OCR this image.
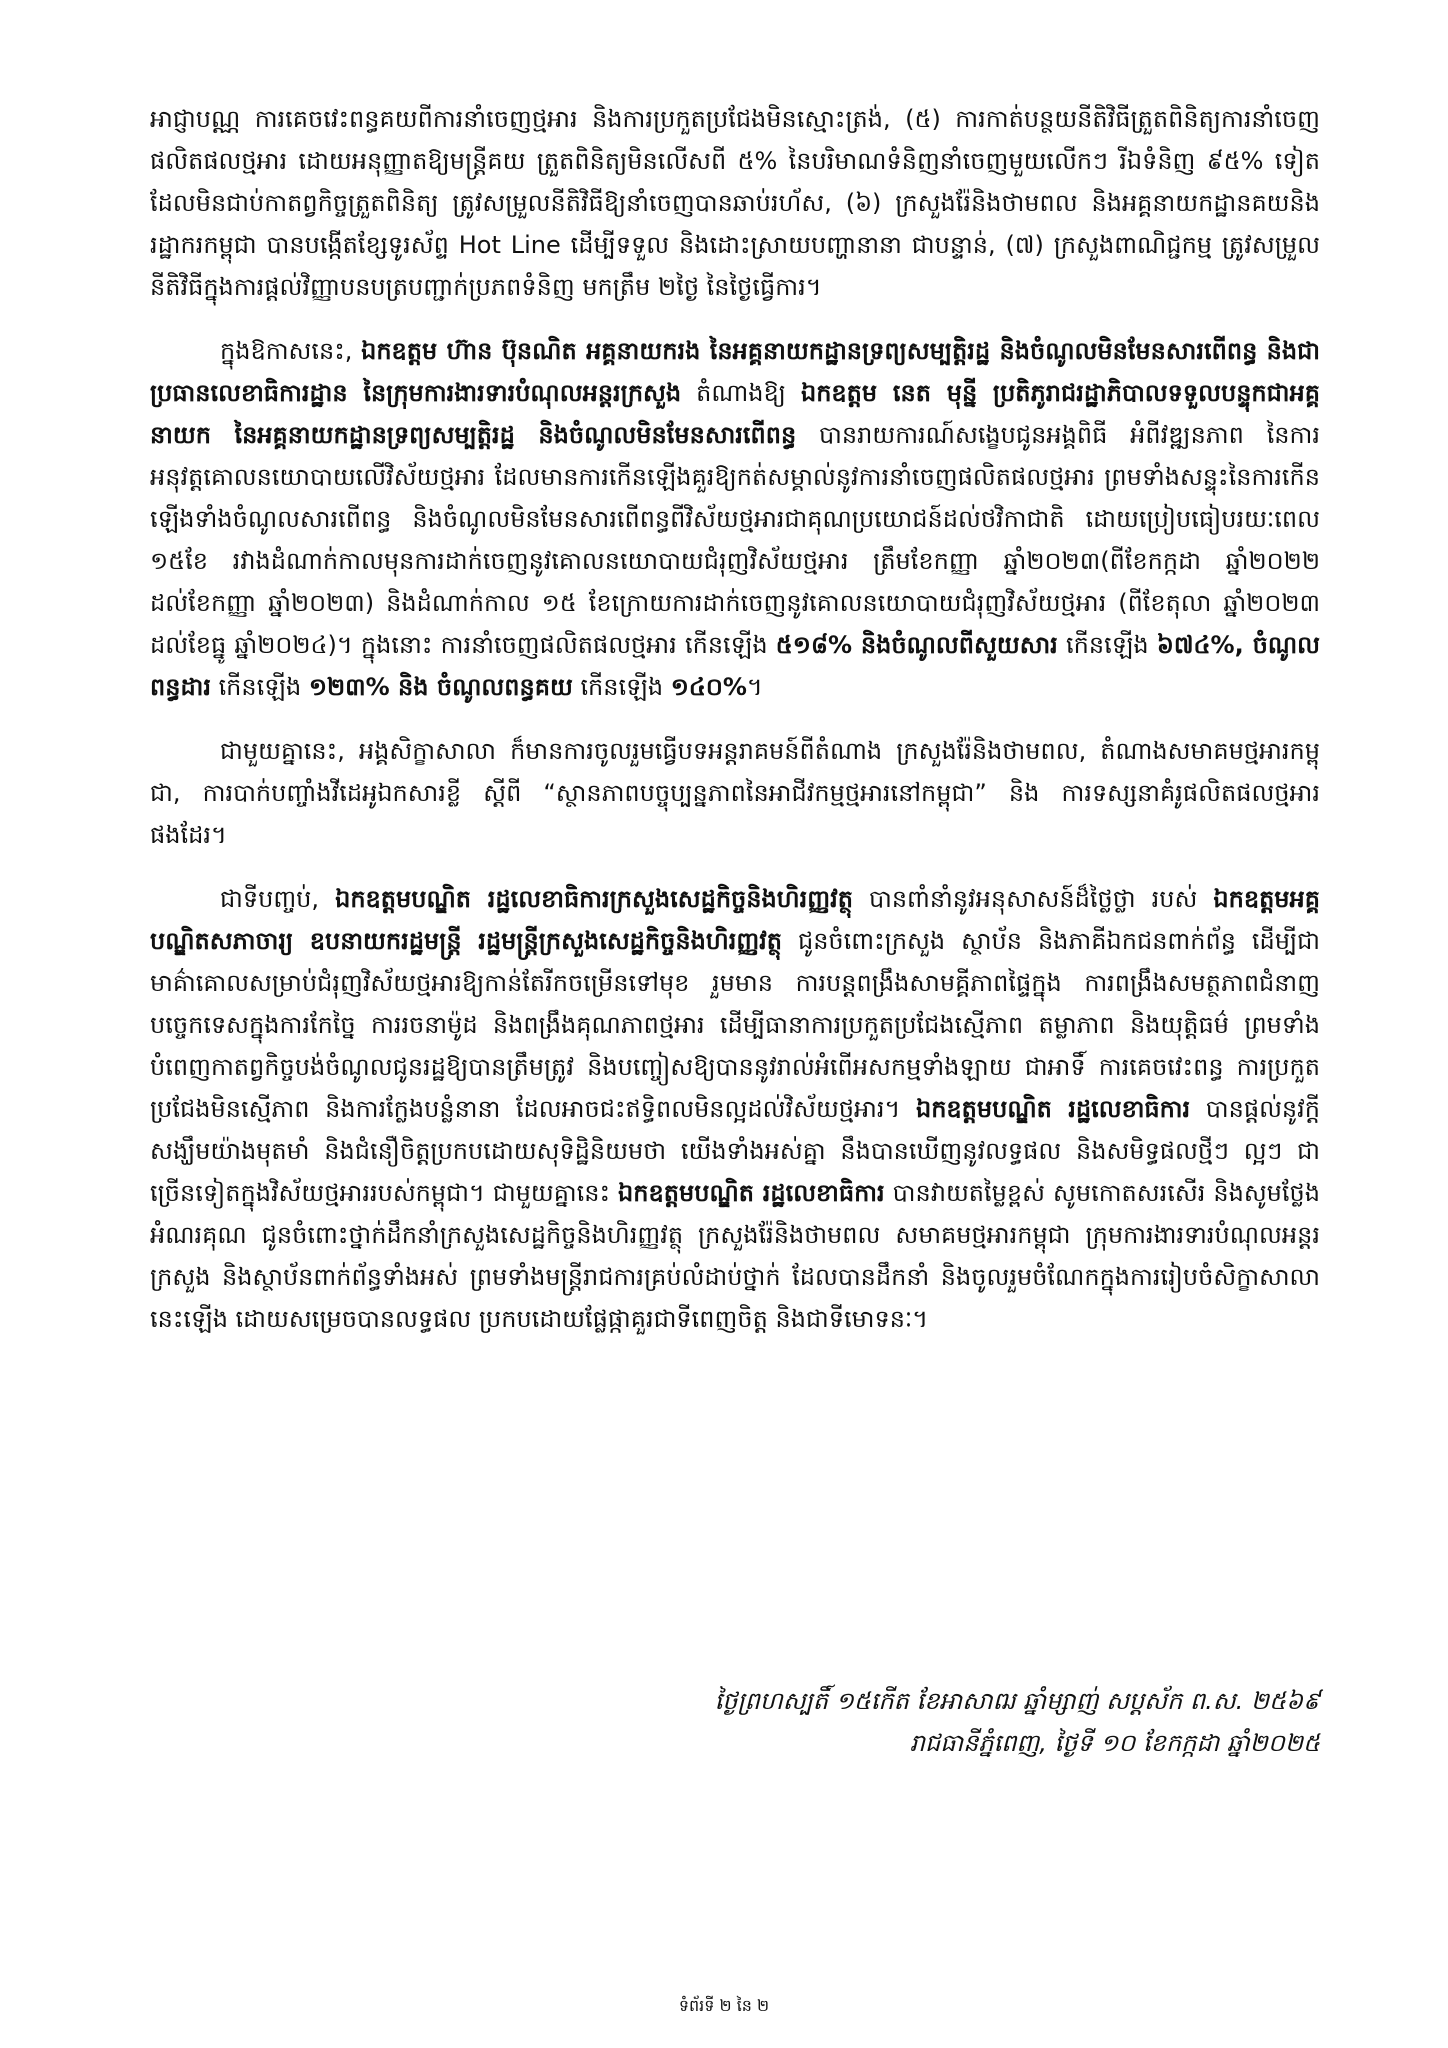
អាជ្ញាបណ្ណ ការគេចវេះពន្ធគយពីការនាំចេញថ្មអារ និងការប្រកួតប្រជែងមិនស្មោះត្រង់, (៥) ការកាត់បន្ថយនីតិវិធីត្រួតពិនិត្យការនាំចេញផលិតផលថ្មអារ ដោយអនុញ្ញាតឱ្យមន្ត្រីគយ ត្រួតពិនិត្យមិនលើសពី ៥% នៃបរិមាណទំនិញនាំចេញមួយលើកៗ រីឯទំនិញ ៩៥% ទៀត ដែលមិនជាប់កាតព្វកិច្ចត្រួតពិនិត្យ ត្រូវសម្រួលនីតិវិធីឱ្យនាំចេញបានឆាប់រហ័ស, (៦) ក្រសួងរ៉ែនិងថាមពល និងអគ្គនាយកដ្ឋានគយនិងរដ្ឋាករកម្ពុជា បានបង្កើតខ្សែទូរស័ព្ទ Hot Line ដើម្បីទទួល និងដោះស្រាយបញ្ហានានា ជាបន្ទាន់, (៧) ក្រសួងពាណិជ្ជកម្ម ត្រូវសម្រួលនីតិវិធីក្នុងការផ្ដល់វិញ្ញាបនបត្របញ្ជាក់ប្រភពទំនិញ មកត្រឹម ២ថ្ងៃ នៃថ្ងៃធ្វើការ។

ក្នុងឱកាសនេះ, ឯកឧត្តម ហ៊ាន ប៊ុនណិត អគ្គនាយករង នៃអគ្គនាយកដ្ឋានទ្រព្យសម្បត្តិរដ្ឋ និងចំណូលមិនមែនសារពើពន្ធ និងជាប្រធានលេខាធិការដ្ឋាន នៃក្រុមការងារទារបំណុលអន្តរក្រសួង តំណាងឱ្យ ឯកឧត្តម នេត មុន្នី ប្រតិភូរាជរដ្ឋាភិបាលទទួលបន្ទុកជាអគ្គនាយក នៃអគ្គនាយកដ្ឋានទ្រព្យសម្បត្តិរដ្ឋ និងចំណូលមិនមែនសារពើពន្ធ បានរាយការណ៍សង្ខេបជូនអង្គពិធី អំពីវឌ្ឍនភាព នៃការអនុវត្តគោលនយោបាយលើវិស័យថ្មអារ ដែលមានការកើនឡើងគួរឱ្យកត់សម្គាល់នូវការនាំចេញផលិតផលថ្មអារ ព្រមទាំងសន្ទុះនៃការកើនឡើងទាំងចំណូលសារពើពន្ធ និងចំណូលមិនមែនសារពើពន្ធពីវិស័យថ្មអារជាគុណប្រយោជន៍ដល់ថវិកាជាតិ ដោយប្រៀបធៀបរយៈពេល ១៥ខែ រវាងដំណាក់កាលមុនការដាក់ចេញនូវគោលនយោបាយជំរុញវិស័យថ្មអារ ត្រឹមខែកញ្ញា ឆ្នាំ២០២៣(ពីខែកក្កដា ឆ្នាំ២០២២ ដល់ខែកញ្ញា ឆ្នាំ២០២៣) និងដំណាក់កាល ១៥ ខែក្រោយការដាក់ចេញនូវគោលនយោបាយជំរុញវិស័យថ្មអារ (ពីខែតុលា ឆ្នាំ២០២៣ ដល់ខែធ្នូ ឆ្នាំ២០២៤)។ ក្នុងនោះ ការនាំចេញផលិតផលថ្មអារ កើនឡើង ៥១៨% និងចំណូលពីសួយសារ កើនឡើង ៦៧៤%, ចំណូលពន្ធដារ កើនឡើង ១២៣% និង ចំណូលពន្ធគយ កើនឡើង ១៤០%។

ជាមួយគ្នានេះ, អង្គសិក្ខាសាលា ក៏មានការចូលរួមធ្វើបទអន្តរាគមន៍ពីតំណាង ក្រសួងរ៉ែនិងថាមពល, តំណាងសមាគមថ្មអារកម្ពុជា, ការបាក់បញ្ចាំងវីដេអូឯកសារខ្លី ស្តីពី “ស្ថានភាពបច្ចុប្បន្នភាពនៃអាជីវកម្មថ្មអារនៅកម្ពុជា” និង ការទស្សនាគំរូផលិតផលថ្មអារផងដែរ។

ជាទីបញ្ចប់, ឯកឧត្តមបណ្ឌិត រដ្ឋលេខាធិការក្រសួងសេដ្ឋកិច្ចនិងហិរញ្ញវត្ថុ បានពាំនាំនូវអនុសាសន៍ដ៏ថ្លៃថ្លា របស់ ឯកឧត្តមអគ្គបណ្ឌិតសភាចារ្យ ឧបនាយករដ្ឋមន្ត្រី រដ្ឋមន្ត្រីក្រសួងសេដ្ឋកិច្ចនិងហិរញ្ញវត្ថុ ជូនចំពោះក្រសួង ស្ថាប័ន និងភាគីឯកជនពាក់ព័ន្ធ ដើម្បីជាមាគ៌ាគោលសម្រាប់ជំរុញវិស័យថ្មអារឱ្យកាន់តែរីកចម្រើនទៅមុខ រួមមាន ការបន្តពង្រឹងសាមគ្គីភាពផ្ទៃក្នុង ការពង្រឹងសមត្ថភាពជំនាញបច្ចេកទេសក្នុងការកែច្នៃ ការរចនាម៉ូដ និងពង្រឹងគុណភាពថ្មអារ ដើម្បីធានាការប្រកួតប្រជែងស្មើភាព តម្លាភាព និងយុត្តិធម៌ ព្រមទាំងបំពេញកាតព្វកិច្ចបង់ចំណូលជូនរដ្ឋឱ្យបានត្រឹមត្រូវ និងបញ្ចៀសឱ្យបាននូវរាល់អំពើអសកម្មទាំងឡាយ ជាអាទិ៍ ការគេចវេះពន្ធ ការប្រកួតប្រជែងមិនស្មើភាព និងការក្លែងបន្លំនានា ដែលអាចជះឥទ្ធិពលមិនល្អដល់វិស័យថ្មអារ។ ឯកឧត្តមបណ្ឌិត រដ្ឋលេខាធិការ បានផ្តល់នូវក្តីសង្ឃឹមយ៉ាងមុតមាំ និងជំនឿចិត្តប្រកបដោយសុទិដ្ឋិនិយមថា យើងទាំងអស់គ្នា នឹងបានឃើញនូវលទ្ធផល និងសមិទ្ធផលថ្មីៗ ល្អៗ ជាច្រើនទៀតក្នុងវិស័យថ្មអាររបស់កម្ពុជា។ ជាមួយគ្នានេះ ឯកឧត្តមបណ្ឌិត រដ្ឋលេខាធិការ បានវាយតម្លៃខ្ពស់ សូមកោតសរសើរ និងសូមថ្លែងអំណរគុណ ជូនចំពោះថ្នាក់ដឹកនាំក្រសួងសេដ្ឋកិច្ចនិងហិរញ្ញវត្ថុ ក្រសួងរ៉ែនិងថាមពល សមាគមថ្មអារកម្ពុជា ក្រុមការងារទារបំណុលអន្តរក្រសួង និងស្ថាប័នពាក់ព័ន្ធទាំងអស់ ព្រមទាំងមន្ត្រីរាជការគ្រប់លំដាប់ថ្នាក់ ដែលបានដឹកនាំ និងចូលរួមចំណែកក្នុងការរៀបចំសិក្ខាសាលានេះឡើង ដោយសម្រេចបានលទ្ធផល ប្រកបដោយផ្លែផ្កាគួរជាទីពេញចិត្ត និងជាទីមោទនៈ។

ថ្ងៃព្រហស្បតិ៍ ១៥កើត ខែអាសាឍ ឆ្នាំម្សាញ់ សប្តស័ក ព.ស. ២៥៦៩
រាជធានីភ្នំពេញ, ថ្ងៃទី ១០ ខែកក្កដា ឆ្នាំ២០២៥
ទំព័រទី ២ នៃ ២
